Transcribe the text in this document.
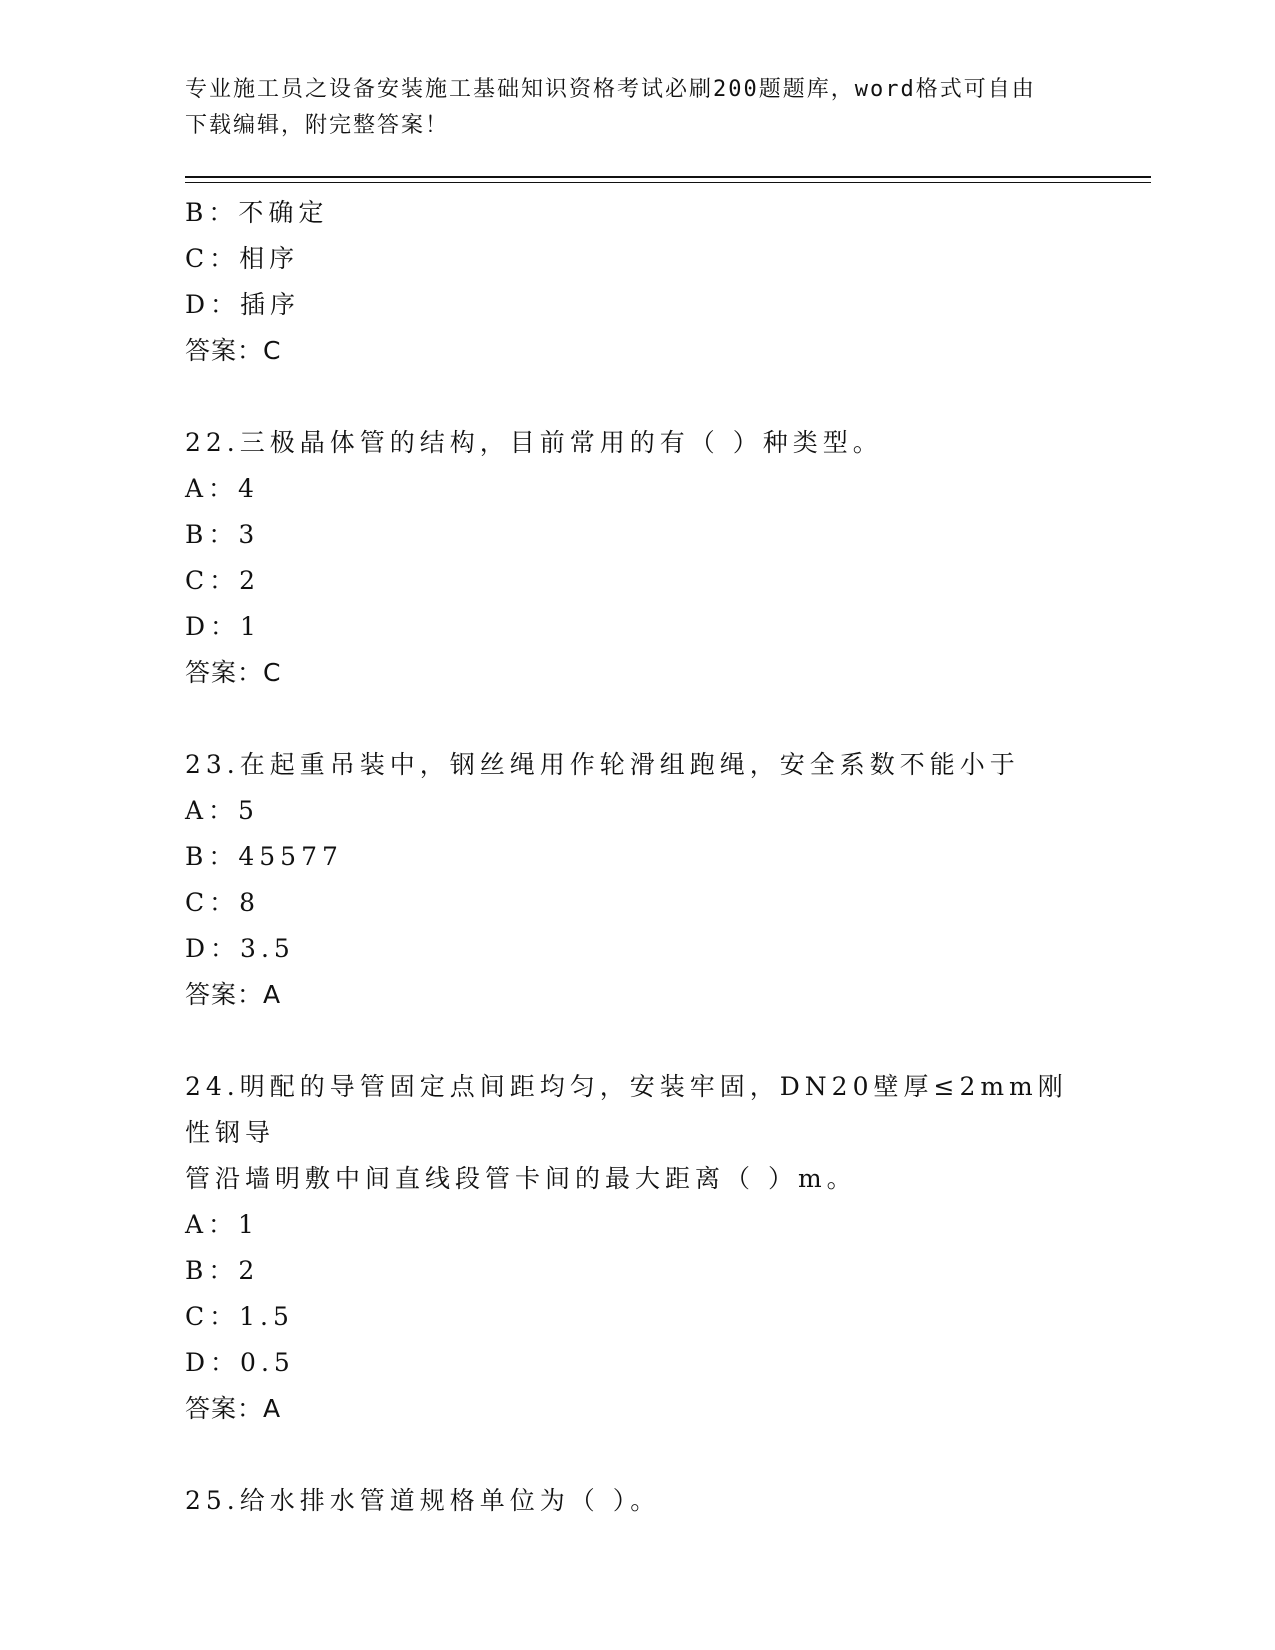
专业施工员之设备安装施工基础知识资格考试必刷200题题库，word格式可自由
下载编辑，附完整答案！
B：不确定
C：相序
D：插序
答案：C
22.三极晶体管的结构，目前常用的有（ ）种类型。
A：4
B：3
C：2
D：1
答案：C
23.在起重吊装中，钢丝绳用作轮滑组跑绳，安全系数不能小于
A：5
B：45577
C：8
D：3.5
答案：A
24.明配的导管固定点间距均匀，安装牢固，DN20壁厚≤2mm刚性钢导
管沿墙明敷中间直线段管卡间的最大距离（ ）m。
A：1
B：2
C：1.5
D：0.5
答案：A
25.给水排水管道规格单位为（ ）。
